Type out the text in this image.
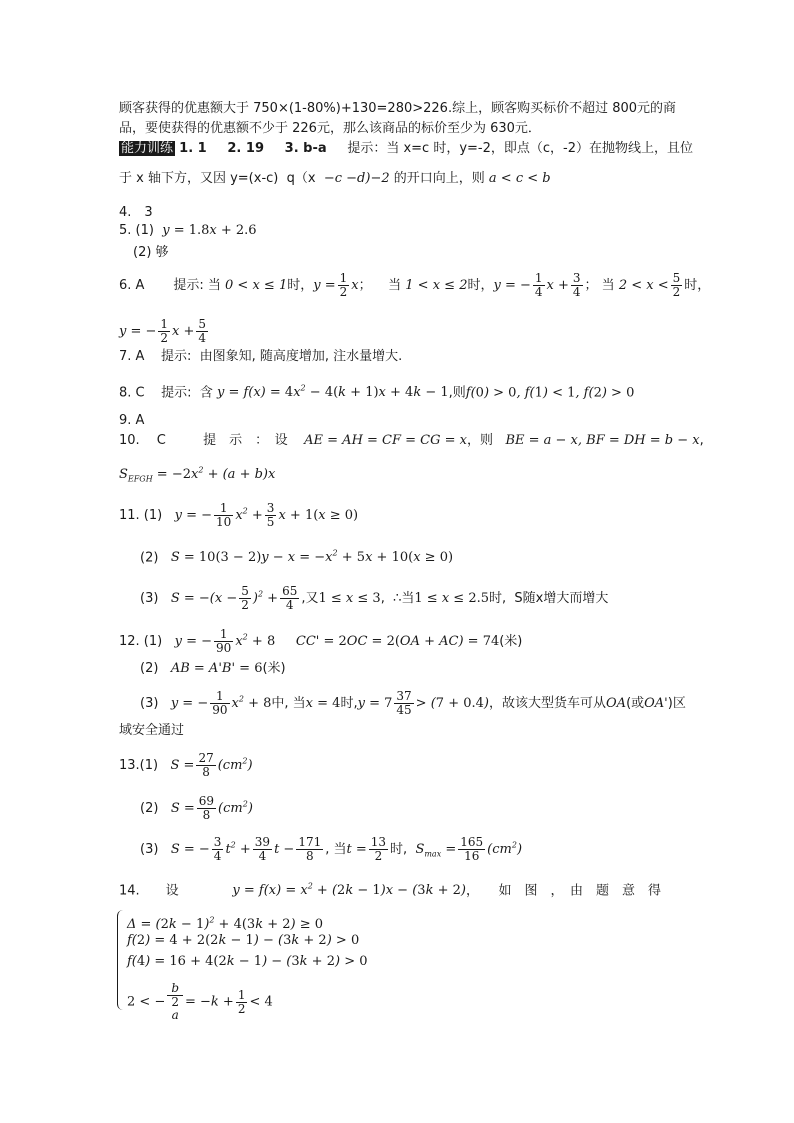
顾客获得的优惠额大于 750×(1-80%)+130=280>226.综上，顾客购买标价不超过 800元的商
品，要使获得的优惠额不少于 226元，那么该商品的标价至少为 630元．
能力训练 1. 1 2. 19 3. b-a 提示：当 x=c 时，y=-2，即点（c，-2）在抛物线上，且位
于 x 轴下方，又因 y=(x-c) q（x  −c −d)−2 的开口向上，则 a < c < b
4.　3
5. (1) y = 1.8x + 2.6
(2) 够
6. A 提示: 当 0 < x ≤ 1时，$y = \frac{1}{2}$ x；    当 1 < x ≤ 2时，y = − $\frac{1}{4}$ $x + \frac{3}{4}$ ； 当 $2 < x < \frac{5}{2}$ 时，
y = − $\frac{1}{2}$ $x + \frac{5}{4}$
7. A 提示: 由图象知, 随高度增加, 注水量增大.
8. C 提示: 含 $y = f(x) = 4x^2 - 4(k + 1)x + 4k - 1$,则f(0) > 0, f(1) < 1, f(2) > 0
9. A
10.　 C	提　示　：　设 AE = AH = CF = CG = x，则 BE = a − x, BF = DH = b − x,
$S_{EFGH} = -2x^2 + (a + b)x$
11. (1) y = − $\frac{1}{10} x^2 + \frac{3}{5}$ x + 1(x ≥ 0)
(2) $S = 10(3 - 2)y - x = -x^2 + 5x + 10(x \ge 0)$
(3) $S = -(x - \frac{5}{2} )^2 + \frac{65}{4}$ ,又1 ≤ x ≤ 3,  ∴当1 ≤ x ≤ 2.5时,  S随x增大而增大
12. (1) y = − $\frac{1}{90} x^2 + 8$ CC' = 2OC = 2(OA + AC) = 74(米)
(2) AB = A'B' = 6(米)
(3) y = − $\frac{1}{90} x^2 + 8$中, 当x = 4时$,y = 7 \frac{37}{45} > (7 + 0.4)$，故该大型货车可从OA(或OA')区
域安全通过
13.(1) $S = \frac{27}{8} (cm^2)$
(2) $S = \frac{69}{8} (cm^2)$
(3) S = − $\frac{3}{4} t^2 + \frac{39}{4}$ $t - \frac{171}{8}$ , 当$t = \frac{13}{2}$ 时,  $S_{max} = \frac{165}{16} (cm^2)$
14.　　设	$y = f(x) = x^2 + (2k - 1)x - (3k + 2)$，　　如　图　，　由　题　意　得
$\Delta = (2k - 1)^2 + 4(3k + 2) \ge 0$
f(2) = 4 + 2(2k − 1) − (3k + 2) > 0
f(4) = 16 + 4(2k − 1) − (3k + 2) > 0
2 < − b
2
$a = -k + \frac{1}{2} < 4$
